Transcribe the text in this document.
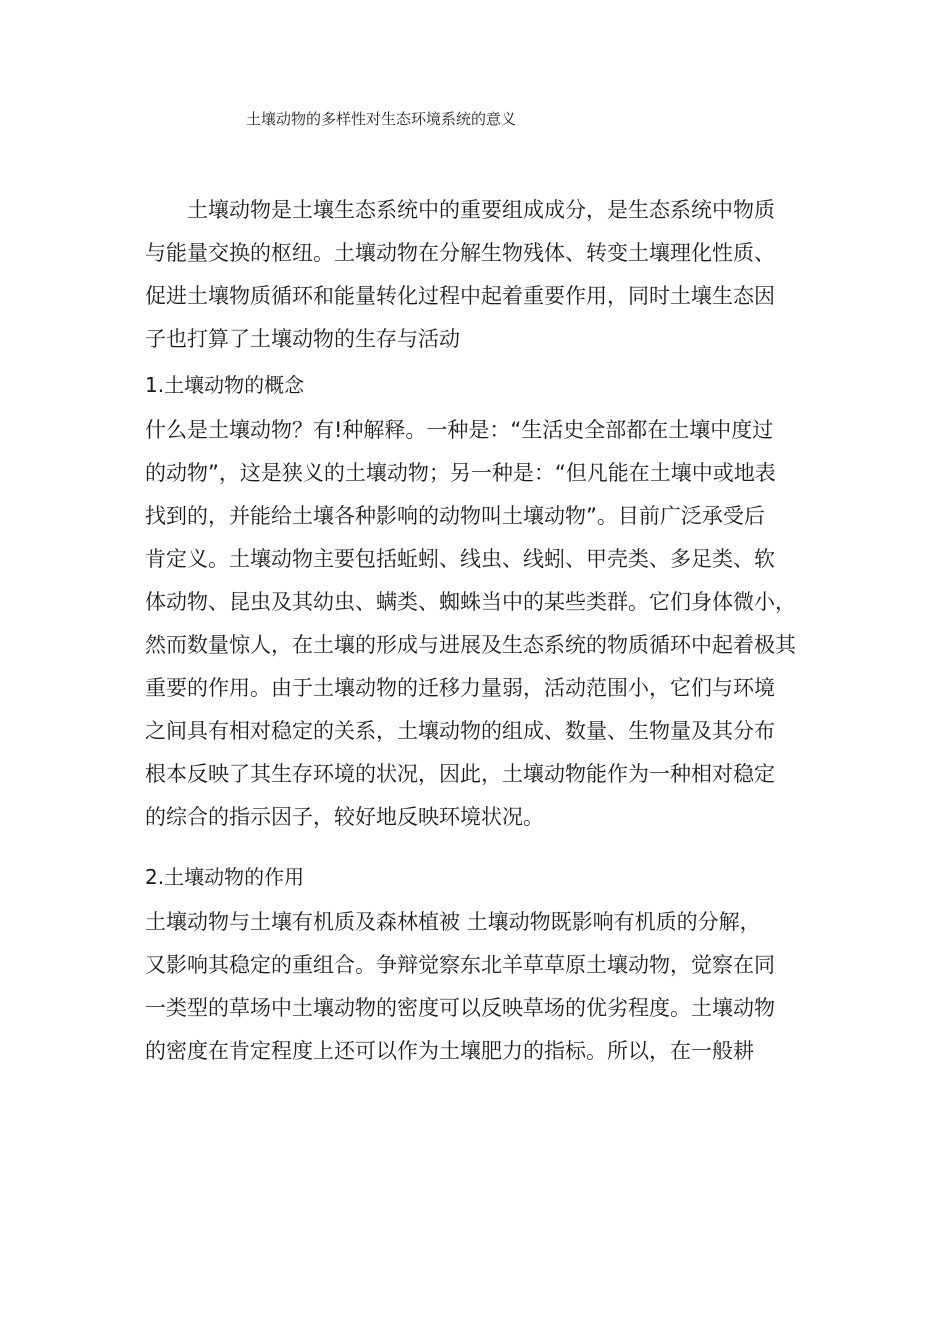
土壤动物的多样性对生态环境系统的意义
土壤动物是土壤生态系统中的重要组成成分，是生态系统中物质
与能量交换的枢纽。土壤动物在分解生物残体、转变土壤理化性质、
促进土壤物质循环和能量转化过程中起着重要作用，同时土壤生态因
子也打算了土壤动物的生存与活动
1.土壤动物的概念
什么是土壤动物？有!种解释。一种是：“生活史全部都在土壤中度过
的动物”，这是狭义的土壤动物；另一种是：“但凡能在土壤中或地表
找到的，并能给土壤各种影响的动物叫土壤动物”。目前广泛承受后
肯定义。土壤动物主要包括蚯蚓、线虫、线蚓、甲壳类、多足类、软
体动物、昆虫及其幼虫、螨类、蜘蛛当中的某些类群。它们身体微小，
然而数量惊人，在土壤的形成与进展及生态系统的物质循环中起着极其
重要的作用。由于土壤动物的迁移力量弱，活动范围小，它们与环境
之间具有相对稳定的关系，土壤动物的组成、数量、生物量及其分布
根本反映了其生存环境的状况，因此，土壤动物能作为一种相对稳定
的综合的指示因子，较好地反映环境状况。
2.土壤动物的作用
土壤动物与土壤有机质及森林植被 土壤动物既影响有机质的分解，
又影响其稳定的重组合。争辩觉察东北羊草草原土壤动物，觉察在同
一类型的草场中土壤动物的密度可以反映草场的优劣程度。土壤动物
的密度在肯定程度上还可以作为土壤肥力的指标。所以，在一般耕
